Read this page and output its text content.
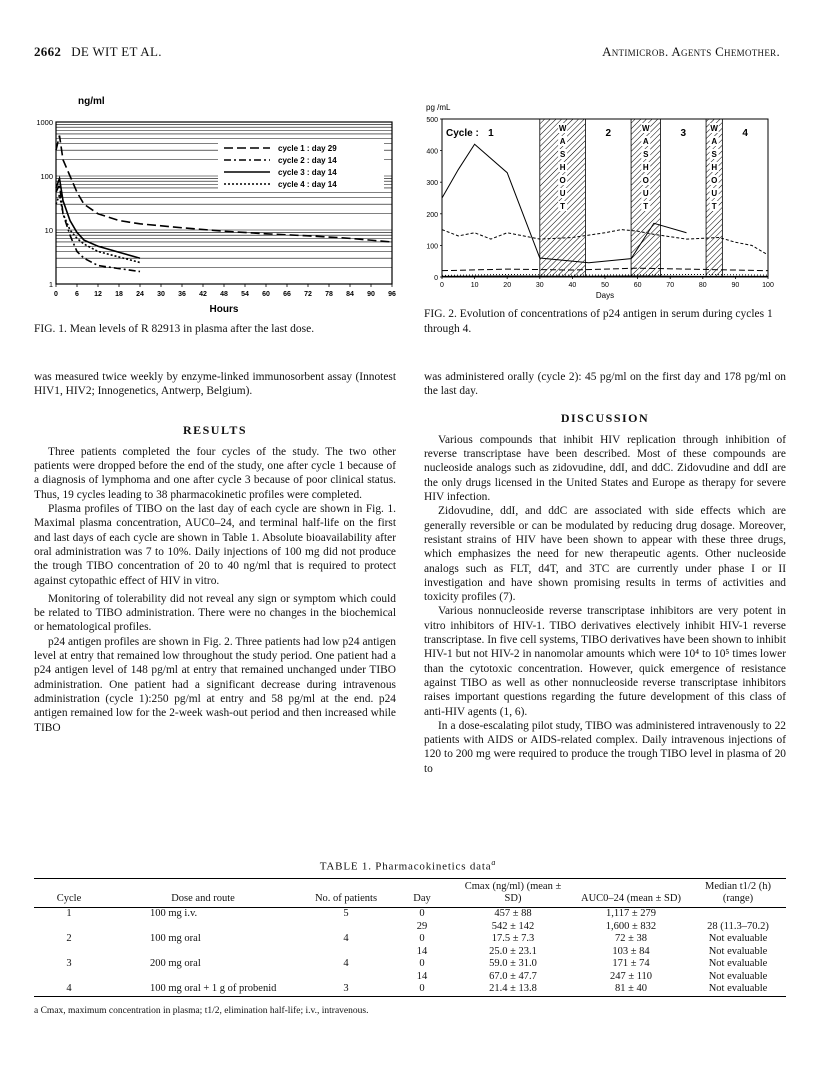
2662 DE WIT ET AL.	Antimicrob. Agents Chemother.
ng/ml
1000
100
10
1
0 6 12 18 24 30 36 42 48 54 60 66 72 78 84 90 96
cycle 1 : day 29
cycle 2 : day 14
cycle 3 : day 14
cycle 4 : day 14
Hours
FIG. 1. Mean levels of R 82913 in plasma after the last dose.
pg /mL
W
A
S
H
O
U
T
W
A
S
H
O
U
T
W
A
S
H
O
U
T
500
400
300
200
100
0
0	10	20	30	40	50	60	70	80	90	100
Cycle : 1	2	3	4
Days
FIG. 2. Evolution of concentrations of p24 antigen in serum during cycles 1 through 4.

was measured twice weekly by enzyme-linked immunosorbent assay (Innotest HIV1, HIV2; Innogenetics, Antwerp, Belgium).

RESULTS

Three patients completed the four cycles of the study. The two other patients were dropped before the end of the study, one after cycle 1 because of a diagnosis of lymphoma and one after cycle 3 because of poor clinical status. Thus, 19 cycles leading to 38 pharmacokinetic profiles were completed.

Plasma profiles of TIBO on the last day of each cycle are shown in Fig. 1. Maximal plasma concentration, AUC0–24, and terminal half-life on the first and last days of each cycle are shown in Table 1. Absolute bioavailability after oral administration was 7 to 10%. Daily injections of 100 mg did not produce the trough TIBO concentration of 20 to 40 ng/ml that is required to protect against cytopathic effect of HIV in vitro.

Monitoring of tolerability did not reveal any sign or symptom which could be related to TIBO administration. There were no changes in the biochemical or hematological profiles.

p24 antigen profiles are shown in Fig. 2. Three patients had low p24 antigen level at entry that remained low throughout the study period. One patient had a p24 antigen level of 148 pg/ml at entry that remained unchanged under TIBO administration. One patient had a significant decrease during intravenous administration (cycle 1):250 pg/ml at entry and 58 pg/ml at the end. p24 antigen remained low for the 2-week wash-out period and then increased while TIBO

was administered orally (cycle 2): 45 pg/ml on the first day and 178 pg/ml on the last day.

DISCUSSION

Various compounds that inhibit HIV replication through inhibition of reverse transcriptase have been described. Most of these compounds are nucleoside analogs such as zidovudine, ddI, and ddC. Zidovudine and ddI are the only drugs licensed in the United States and Europe as therapy for severe HIV infection.

Zidovudine, ddI, and ddC are associated with side effects which are generally reversible or can be modulated by reducing drug dosage. Moreover, resistant strains of HIV have been shown to appear with these three drugs, which emphasizes the need for new therapeutic agents. Other nucleoside analogs such as FLT, d4T, and 3TC are currently under phase I or II investigation and have shown promising results in terms of activities and toxicity profiles (7).

Various nonnucleoside reverse transcriptase inhibitors are very potent in vitro inhibitors of HIV-1. TIBO derivatives electively inhibit HIV-1 reverse transcriptase. In five cell systems, TIBO derivatives have been shown to inhibit HIV-1 but not HIV-2 in nanomolar amounts which were 10⁴ to 10⁵ times lower than the cytotoxic concentration. However, quick emergence of resistance against TIBO as well as other nonnucleoside reverse transcriptase inhibitors raises important questions regarding the future development of this class of anti-HIV agents (1, 6).

In a dose-escalating pilot study, TIBO was administered intravenously to 22 patients with AIDS or AIDS-related complex. Daily intravenous injections of 120 to 200 mg were required to produce the trough TIBO level in plasma of 20 to

TABLE 1. Pharmacokinetics data$^a$
Cycle	Dose and route	No. of patients	Day	Cmax (ng/ml) (mean ± SD)	AUC0–24 (mean ± SD)	Median t1/2 (h) (range)
1	100 mg i.v.	5	0	457 ± 88	1,117 ± 279	
			29	542 ± 142	1,600 ± 832	28 (11.3–70.2)
2	100 mg oral	4	0	17.5 ± 7.3	72 ± 38	Not evaluable
			14	25.0 ± 23.1	103 ± 84	Not evaluable
3	200 mg oral	4	0	59.0 ± 31.0	171 ± 74	Not evaluable
			14	67.0 ± 47.7	247 ± 110	Not evaluable
4	100 mg oral + 1 g of probenid	3	0	21.4 ± 13.8	81 ± 40	Not evaluable
a Cmax, maximum concentration in plasma; t1/2, elimination half-life; i.v., intravenous.
